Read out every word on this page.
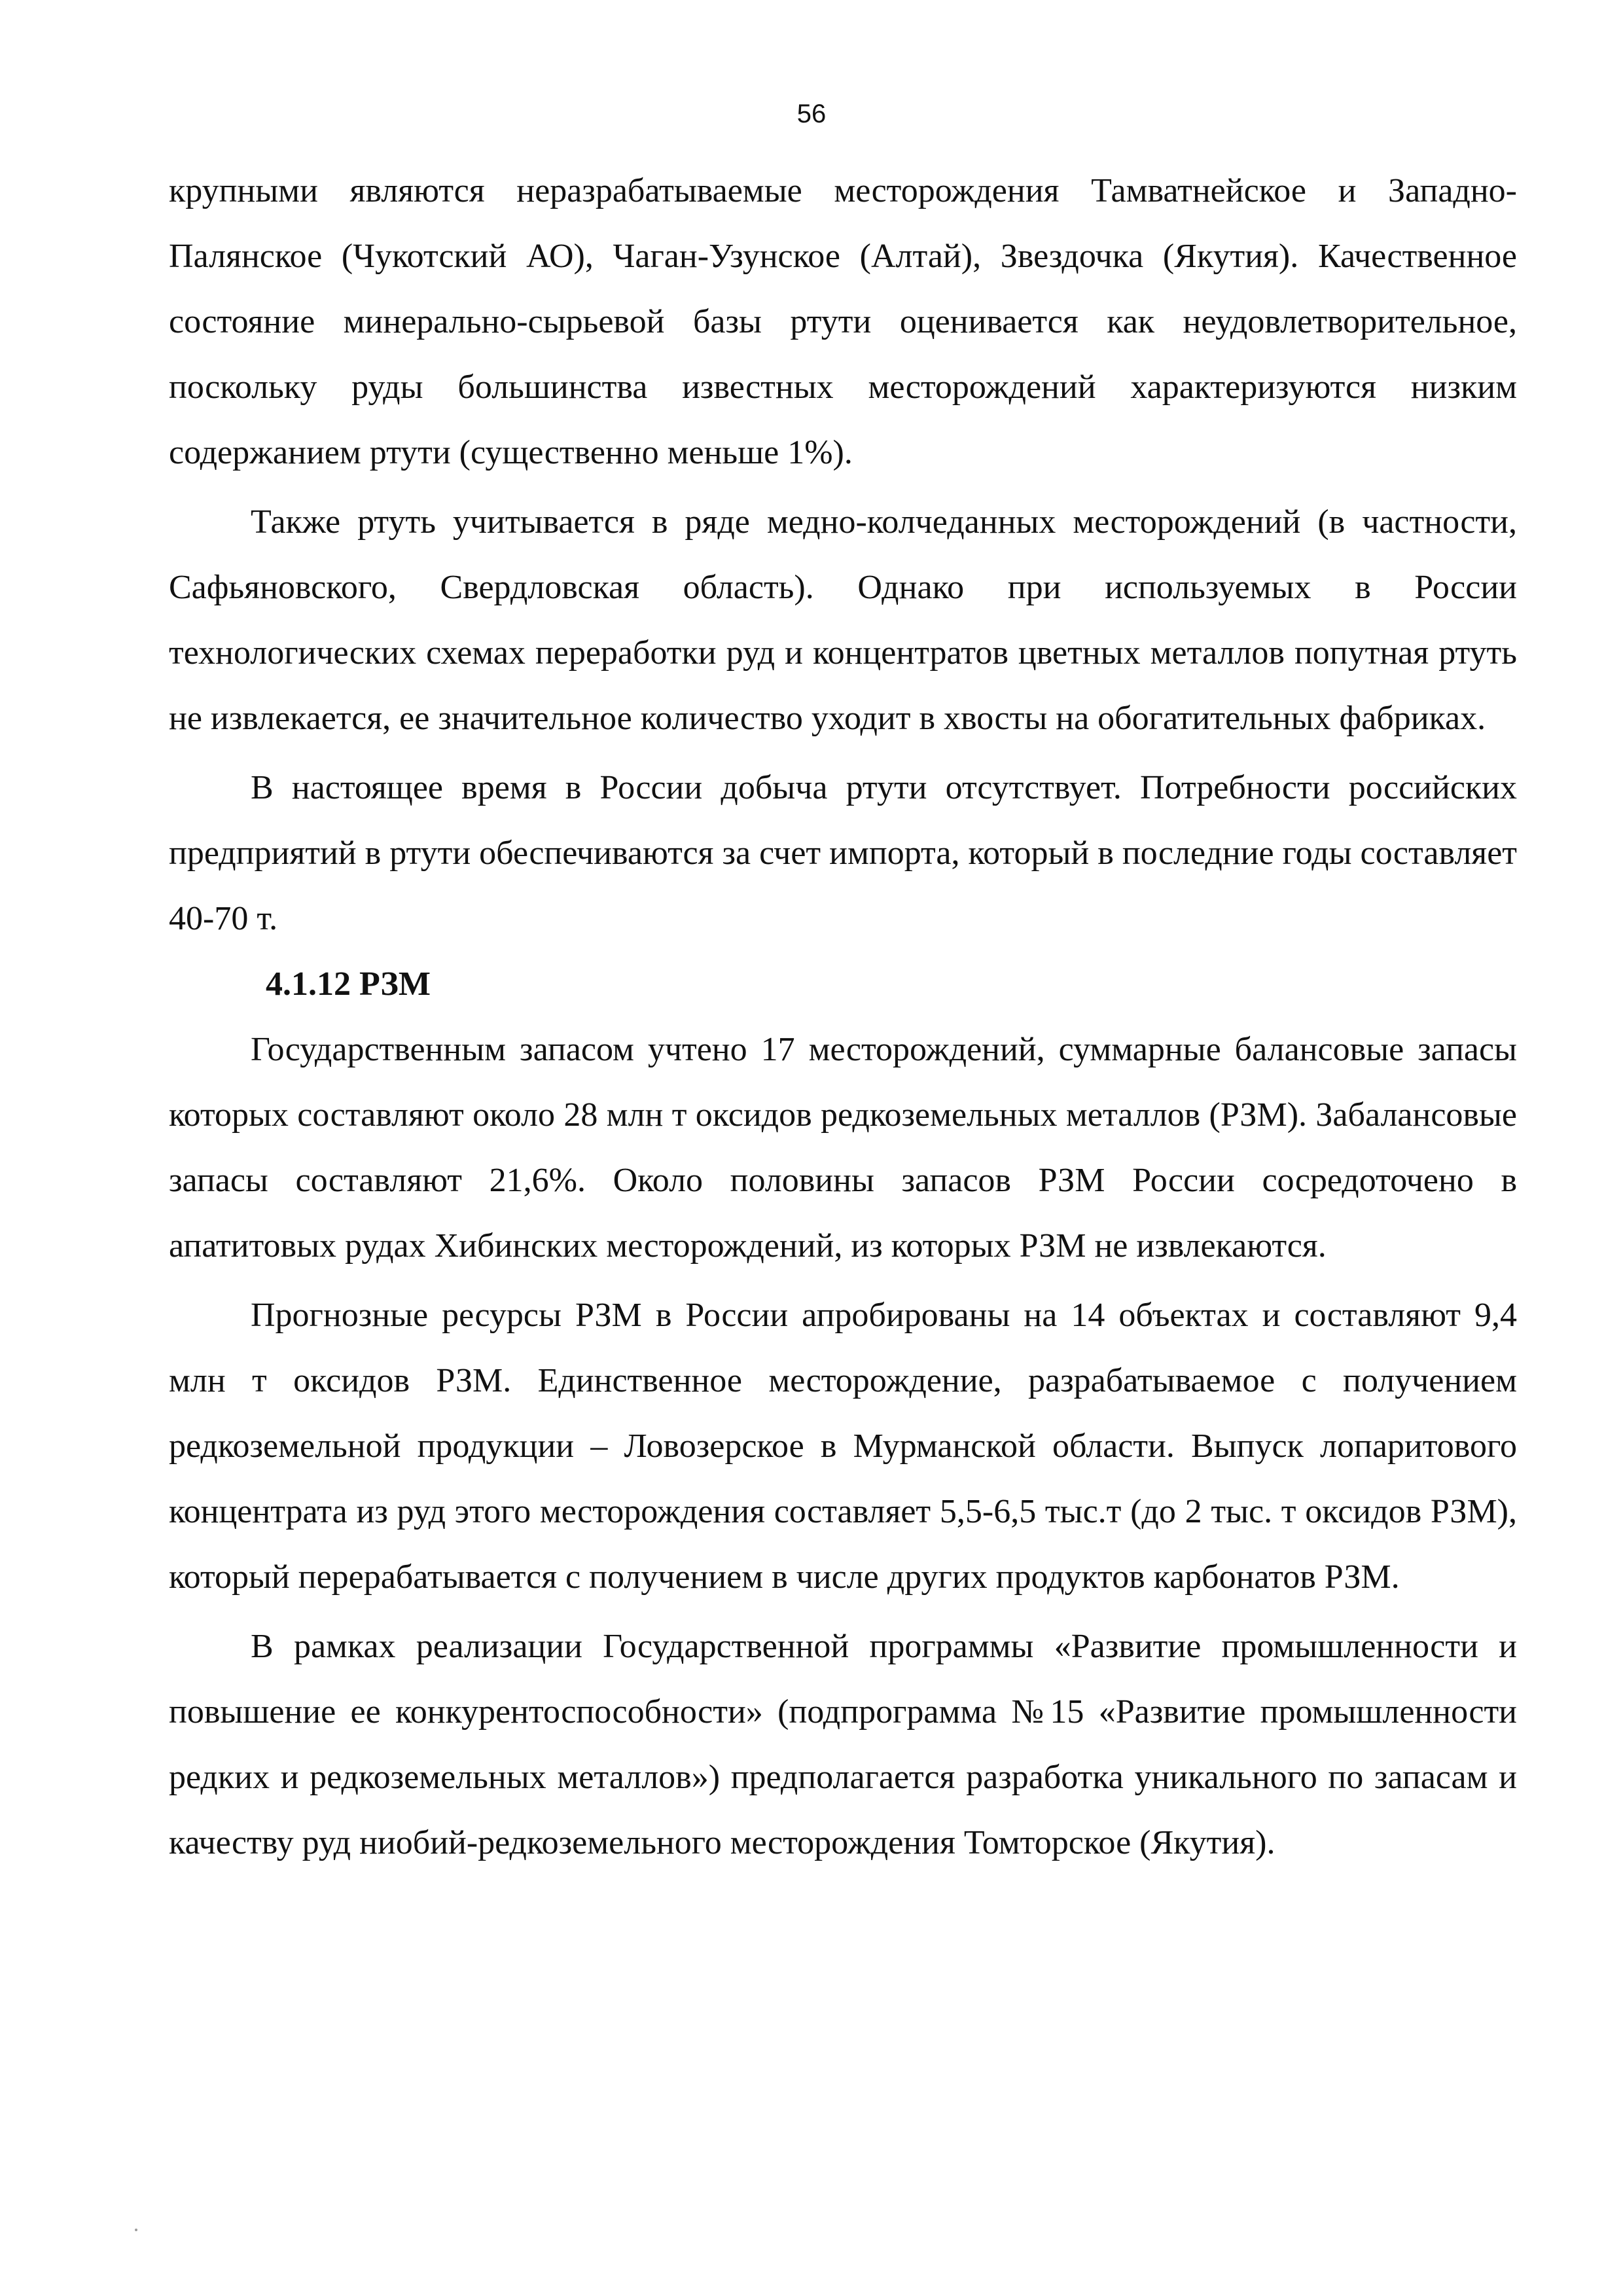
56

крупными являются неразрабатываемые месторождения Тамватнейское и Западно-Палянское (Чукотский АО), Чаган-Узунское (Алтай), Звездочка (Якутия). Качественное состояние минерально-сырьевой базы ртути оценивается как неудовлетворительное, поскольку руды большинства известных месторождений характеризуются низким содержанием ртути (существенно меньше 1%).

Также ртуть учитывается в ряде медно-колчеданных месторождений (в частности, Сафьяновского, Свердловская область). Однако при используемых в России технологических схемах переработки руд и концентратов цветных металлов попутная ртуть не извлекается, ее значительное количество уходит в хвосты на обогатительных фабриках.

В настоящее время в России добыча ртути отсутствует. Потребности российских предприятий в ртути обеспечиваются за счет импорта, который в последние годы составляет 40-70 т.

4.1.12 РЗМ

Государственным запасом учтено 17 месторождений, суммарные балансовые запасы которых составляют около 28 млн т оксидов редкоземельных металлов (РЗМ). Забалансовые запасы составляют 21,6%. Около половины запасов РЗМ России сосредоточено в апатитовых рудах Хибинских месторождений, из которых РЗМ не извлекаются.

Прогнозные ресурсы РЗМ в России апробированы на 14 объектах и составляют 9,4 млн т оксидов РЗМ. Единственное месторождение, разрабатываемое с получением редкоземельной продукции – Ловозерское в Мурманской области. Выпуск лопаритового концентрата из руд этого месторождения составляет 5,5-6,5 тыс.т (до 2 тыс. т оксидов РЗМ), который перерабатывается с получением в числе других продуктов карбонатов РЗМ.

В рамках реализации Государственной программы «Развитие промышленности и повышение ее конкурентоспособности» (подпрограмма №15 «Развитие промышленности редких и редкоземельных металлов») предполагается разработка уникального по запасам и качеству руд ниобий-редкоземельного месторождения Томторское (Якутия).
